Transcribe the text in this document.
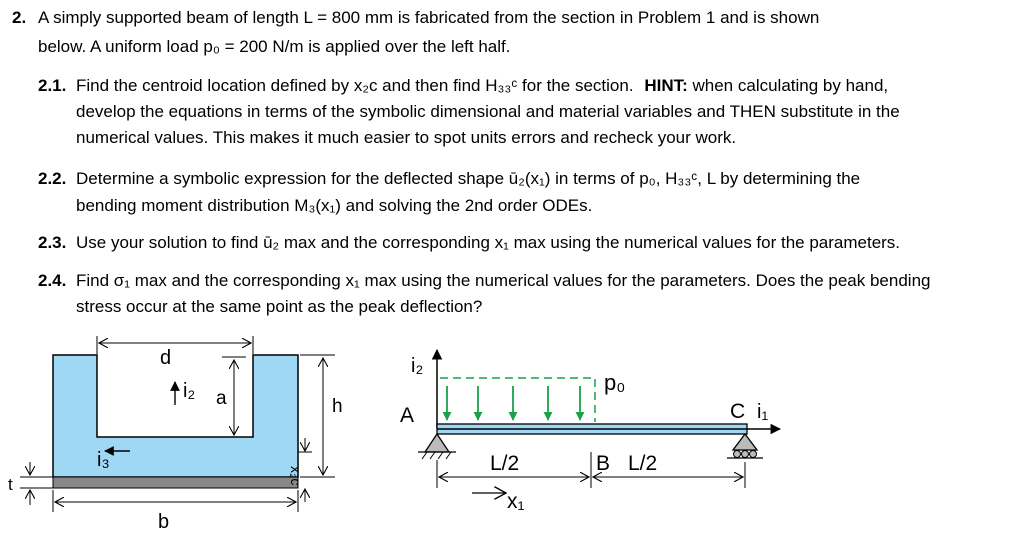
2. A simply supported beam of length L = 800 mm is fabricated from the section in Problem 1 and is shown
below. A uniform load p₀ = 200 N/m is applied over the left half.
2.1. Find the centroid location defined by x₂c and then find H₃₃ᶜ for the section. HINT: when calculating by hand,
develop the equations in terms of the symbolic dimensional and material variables and THEN substitute in the
numerical values. This makes it much easier to spot units errors and recheck your work.
2.2. Determine a symbolic expression for the deflected shape ū₂(x₁) in terms of p₀, H₃₃ᶜ, L by determining the
bending moment distribution M₃(x₁) and solving the 2nd order ODEs.
2.3. Use your solution to find ū₂ max and the corresponding x₁ max using the numerical values for the parameters.
2.4. Find σ₁ max and the corresponding x₁ max using the numerical values for the parameters. Does the peak bending
stress occur at the same point as the peak deflection?
d
a
i₂
i₃
h
x₂c
t
b
i₂
A
p₀
C i₁
L/2	B L/2
x₁
